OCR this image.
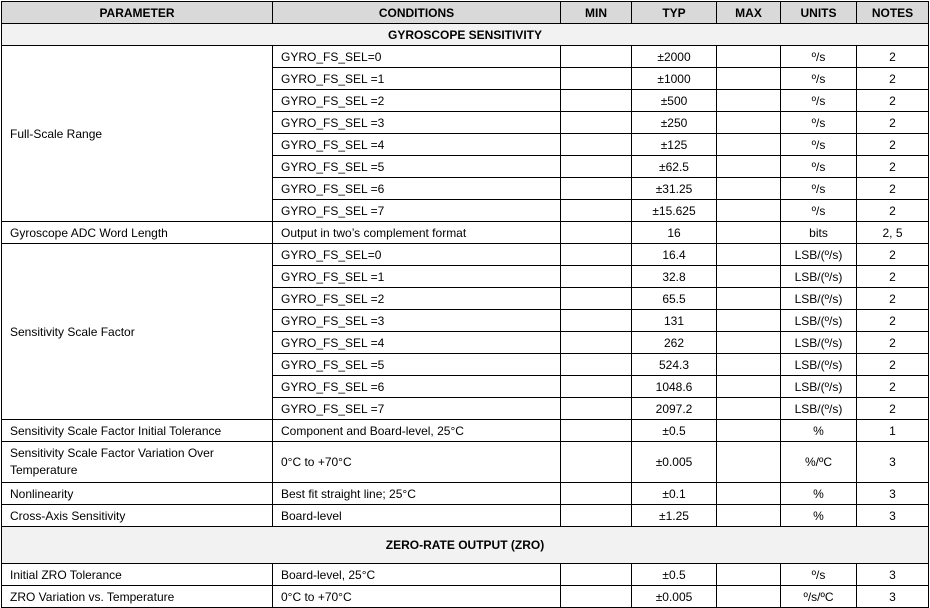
PARAMETER	CONDITIONS	MIN	TYP	MAX	UNITS	NOTES
GYROSCOPE SENSITIVITY						
Full-Scale Range	GYRO_FS_SEL=0		±2000		º/s	2
	GYRO_FS_SEL =1		±1000		º/s	2
	GYRO_FS_SEL =2		±500		º/s	2
	GYRO_FS_SEL =3		±250		º/s	2
	GYRO_FS_SEL =4		±125		º/s	2
	GYRO_FS_SEL =5		±62.5		º/s	2
	GYRO_FS_SEL =6		±31.25		º/s	2
	GYRO_FS_SEL =7		±15.625		º/s	2
Gyroscope ADC Word Length	Output in two’s complement format		16		bits	2, 5
Sensitivity Scale Factor	GYRO_FS_SEL=0		16.4		LSB/(º/s)	2
	GYRO_FS_SEL =1		32.8		LSB/(º/s)	2
	GYRO_FS_SEL =2		65.5		LSB/(º/s)	2
	GYRO_FS_SEL =3		131		LSB/(º/s)	2
	GYRO_FS_SEL =4		262		LSB/(º/s)	2
	GYRO_FS_SEL =5		524.3		LSB/(º/s)	2
	GYRO_FS_SEL =6		1048.6		LSB/(º/s)	2
	GYRO_FS_SEL =7		2097.2		LSB/(º/s)	2
Sensitivity Scale Factor Initial Tolerance	Component and Board-level, 25°C		±0.5		%	1
Sensitivity Scale Factor Variation Over Temperature	0°C to +70°C		±0.005		%/ºC	3
Nonlinearity	Best fit straight line; 25°C		±0.1		%	3
Cross-Axis Sensitivity	Board-level		±1.25		%	3
ZERO-RATE OUTPUT (ZRO)						
Initial ZRO Tolerance	Board-level, 25°C		±0.5		º/s	3
ZRO Variation vs. Temperature	0°C to +70°C		±0.005		º/s/ºC	3
